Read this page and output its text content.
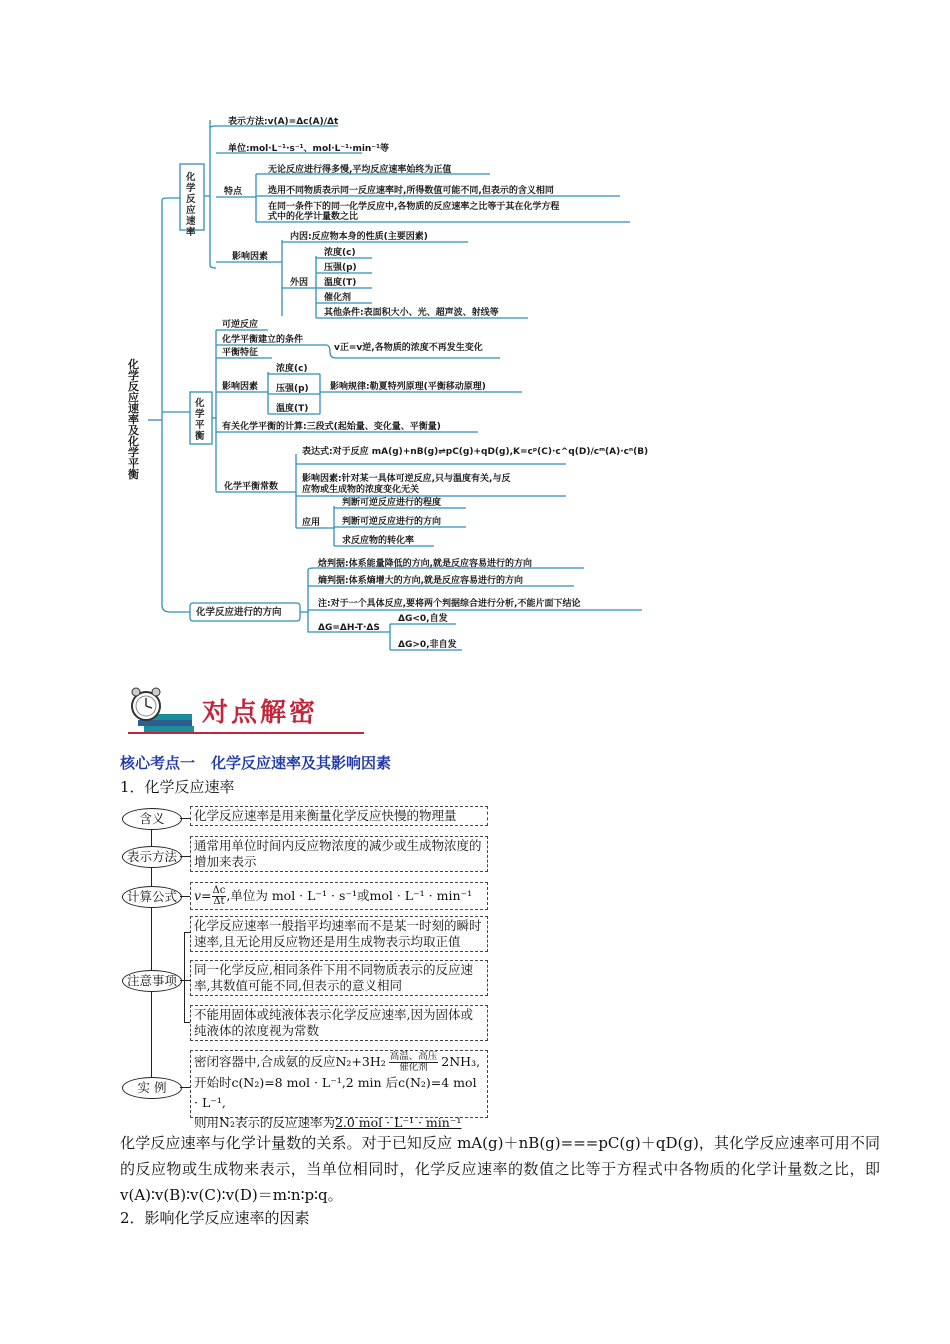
化学反应速率及化学平衡
化学反应速率
表示方法:v(A)=Δc(A)/Δt
单位:mol·L⁻¹·s⁻¹、mol·L⁻¹·min⁻¹等
特点
无论反应进行得多慢,平均反应速率始终为正值
选用不同物质表示同一反应速率时,所得数值可能不同,但表示的含义相同
在同一条件下的同一化学反应中,各物质的反应速率之比等于其在化学方程
式中的化学计量数之比
影响因素
内因:反应物本身的性质(主要因素)
外因
浓度(c)
压强(p)
温度(T)
催化剂
其他条件:表面积大小、光、超声波、射线等
化学平衡
可逆反应
化学平衡建立的条件
平衡特征	v正=v逆,各物质的浓度不再发生变化
影响因素
浓度(c)
压强(p)
温度(T)
影响规律:勒夏特列原理(平衡移动原理)
有关化学平衡的计算:三段式(起始量、变化量、平衡量)
化学平衡常数
表达式:对于反应 mA(g)+nB(g)⇌pC(g)+qD(g),K=cᵖ(C)·c^q(D)/cᵐ(A)·cⁿ(B)
影响因素:针对某一具体可逆反应,只与温度有关,与反
应物或生成物的浓度变化无关
应用
判断可逆反应进行的程度
判断可逆反应进行的方向
求反应物的转化率
化学反应进行的方向
焓判据:体系能量降低的方向,就是反应容易进行的方向
熵判据:体系熵增大的方向,就是反应容易进行的方向
注:对于一个具体反应,要将两个判据综合进行分析,不能片面下结论
ΔG=ΔH-T·ΔS
ΔG<0,自发
ΔG>0,非自发
对点解密
核心考点一 化学反应速率及其影响因素
1．化学反应速率
含义	化学反应速率是用来衡量化学反应快慢的物理量
表示方法
通常用单位时间内反应物浓度的减少或生成物浓度的增加来表示
计算公式	$v= \frac{\Delta c}{\Delta t}$ ,单位为 mol · L⁻¹ · s⁻¹或mol · L⁻¹ · min⁻¹
注意事项
化学反应速率一般指平均速率而不是某一时刻的瞬时速率,且无论用反应物还是用生成物表示均取正值
同一化学反应,相同条件下用不同物质表示的反应速率,其数值可能不同,但表示的意义相同
不能用固体或纯液体表示化学反应速率,因为固体或纯液体的浓度视为常数
实 例
密闭容器中,合成氨的反应$N_2+3H_2 \frac{\text{高温、高压}}{\text{催化剂}} 2NH_3$,
开始时c(N₂)=8 mol · L⁻¹,2 min 后c(N₂)=4 mol · L⁻¹,
则用N₂表示的反应速率为2.0 mol · L⁻¹ · min⁻¹
化学反应速率与化学计量数的关系。对于已知反应 mA(g)＋nB(g)===pC(g)＋qD(g)，其化学反应速率可用不同的反应物或生成物来表示，当单位相同时，化学反应速率的数值之比等于方程式中各物质的化学计量数之比，即 v(A)∶v(B)∶v(C)∶v(D)＝m∶n∶p∶q。
2．影响化学反应速率的因素
